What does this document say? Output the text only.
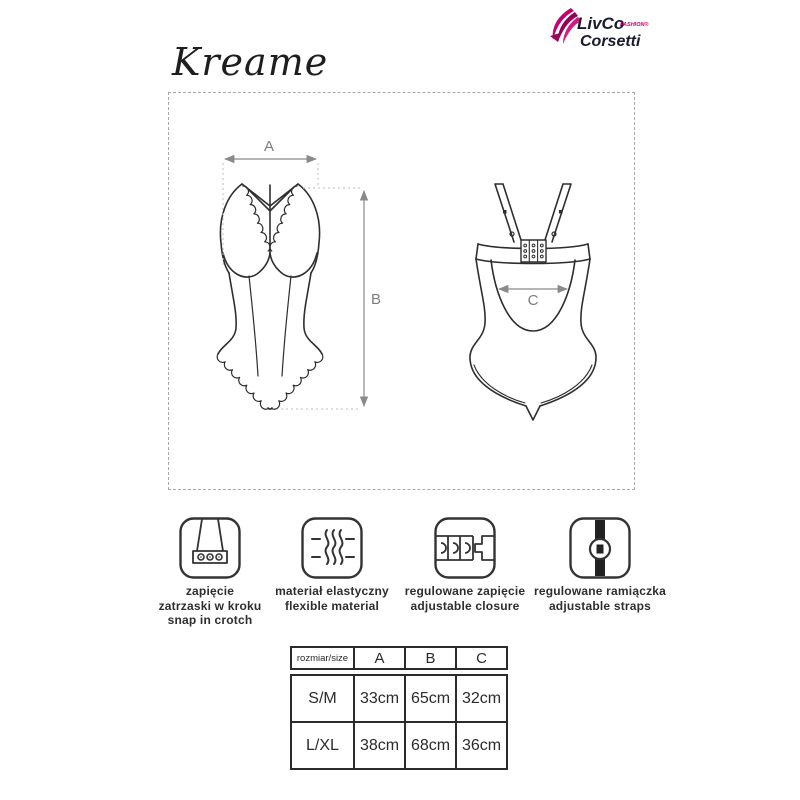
LivCo
FASHION®
Corsetti
Kreame
A
B	C
zapięcie
zatrzaski w kroku
snap in crotch
materiał elastyczny
flexible material
regulowane zapięcie
adjustable closure
regulowane ramiączka
adjustable straps
rozmiar/size	A	B	C
S/M	33cm 65cm 32cm
L/XL	38cm 68cm 36cm
